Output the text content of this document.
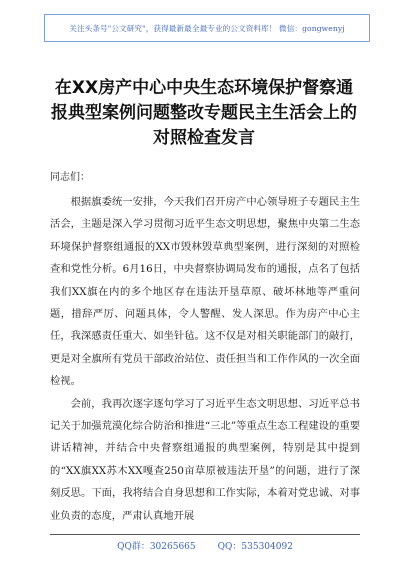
关注头条号"公文研究"，获得最新最全最专业的公文资料库！ 微信：gongwenyj
在XX房产中心中央生态环境保护督察通
报典型案例问题整改专题民主生活会上的
对照检查发言
同志们：

根据旗委统一安排，今天我们召开房产中心领导班子专题民主生活会，主题是深入学习贯彻习近平生态文明思想，聚焦中央第二生态环境保护督察组通报的XX市毁林毁草典型案例，进行深刻的对照检查和党性分析。6月16日，中央督察协调局发布的通报，点名了包括我们XX旗在内的多个地区存在违法开垦草原、破坏林地等严重问题，措辞严厉、问题具体，令人警醒、发人深思。作为房产中心主任，我深感责任重大、如坐针毡。这不仅是对相关职能部门的敲打，更是对全旗所有党员干部政治站位、责任担当和工作作风的一次全面检视。

会前，我再次逐字逐句学习了习近平生态文明思想、习近平总书记关于加强荒漠化综合防治和推进“三北”等重点生态工程建设的重要讲话精神，并结合中央督察组通报的典型案例，特别是其中提到的“XX旗XX苏木XX嘎查250亩草原被违法开垦”的问题，进行了深刻反思。下面，我将结合自身思想和工作实际，本着对党忠诚、对事业负责的态度，严肃认真地开展

QQ群：30265665 QQ：535304092
